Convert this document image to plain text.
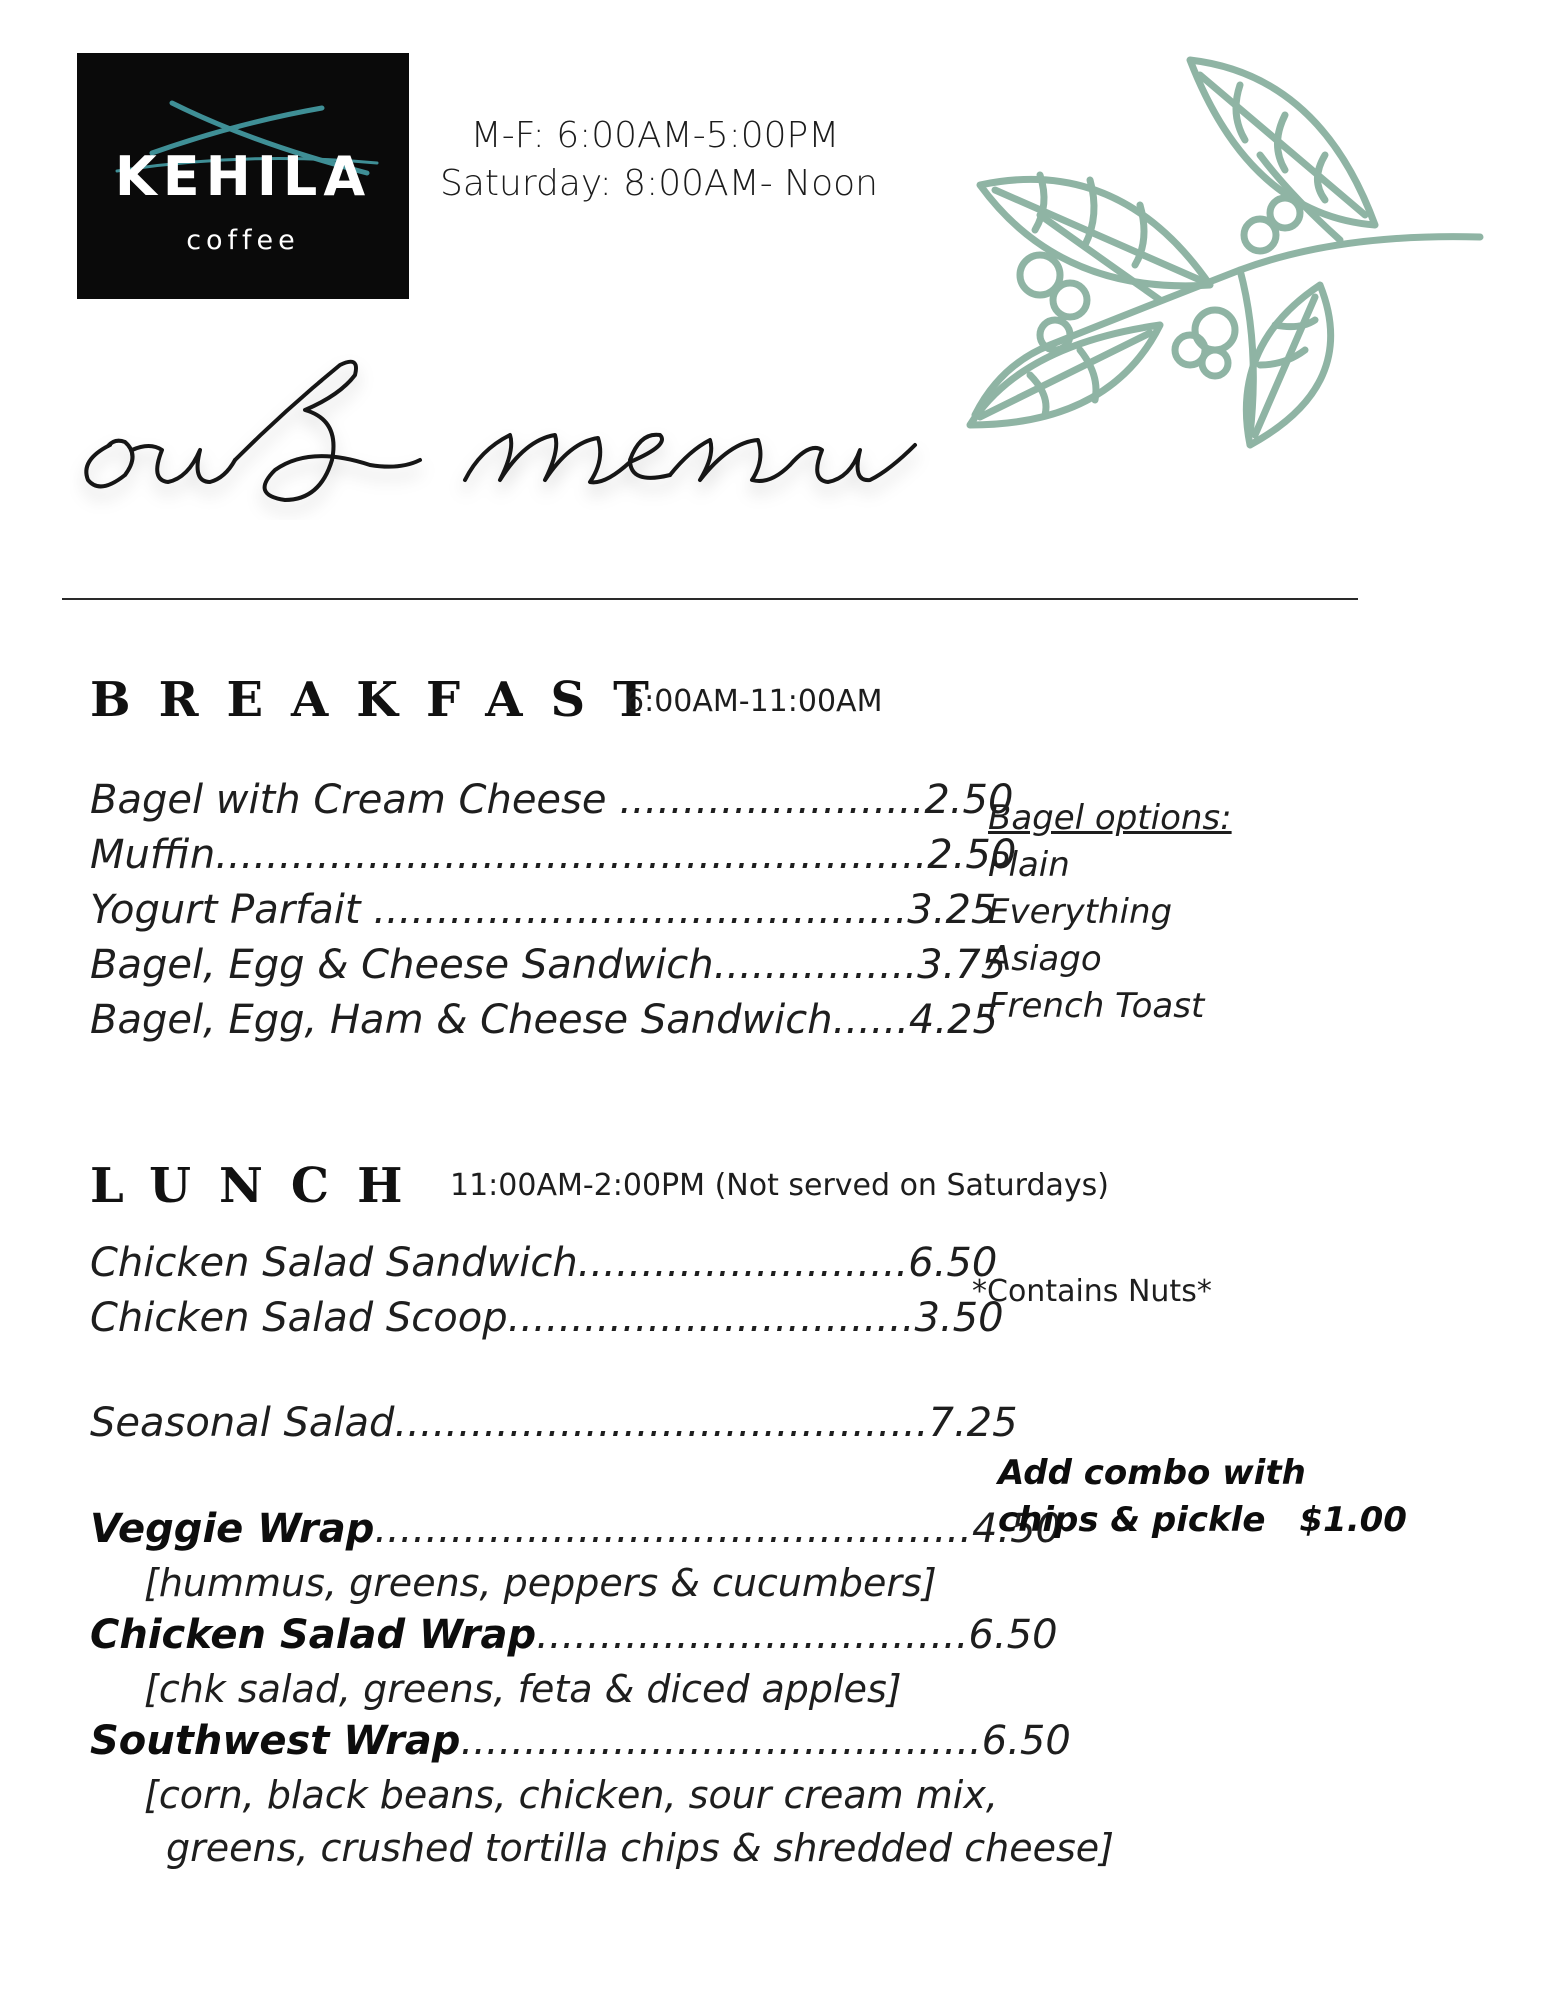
KEHILA
coffee
M-F: 6:00AM-5:00PM
Saturday: 8:00AM- Noon
BREAKFAST
6:00AM-11:00AM
Bagel with Cream Cheese ........................2.50
Muffin........................................................2.50
Yogurt Parfait ..........................................3.25
Bagel, Egg & Cheese Sandwich................3.75
Bagel, Egg, Ham & Cheese Sandwich......4.25
Bagel options:
Plain
Everything
Asiago
French Toast
LUNCH 11:00AM-2:00PM (Not served on Saturdays)
Chicken Salad Sandwich..........................6.50
Chicken Salad Scoop................................3.50
Seasonal Salad..........................................7.25
*Contains Nuts*
Veggie Wrap...............................................4.50
[hummus, greens, peppers & cucumbers]
Chicken Salad Wrap..................................6.50
[chk salad, greens, feta & diced apples]
Southwest Wrap.........................................6.50
[corn, black beans, chicken, sour cream mix,
greens, crushed tortilla chips & shredded cheese]
Add combo with
chips & pickle $1.00
